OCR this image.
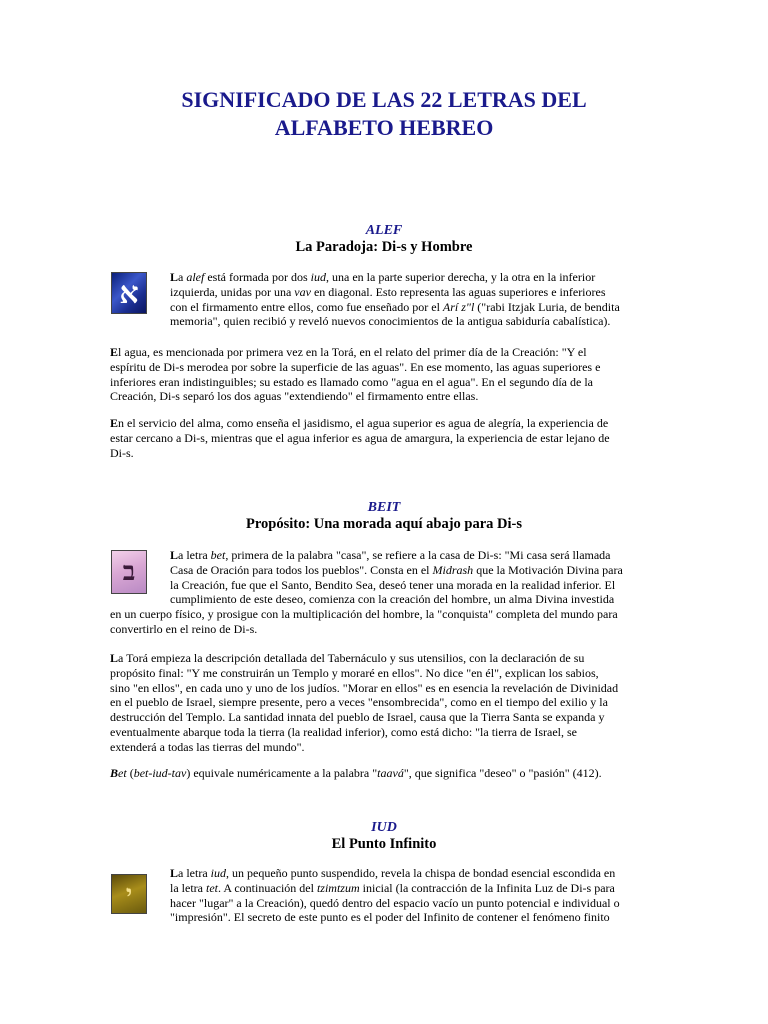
SIGNIFICADO DE LAS 22 LETRAS DEL
ALFABETO HEBREO
ALEF
La Paradoja: Di-s y Hombre
א	La alef está formada por dos iud, una en la parte superior derecha, y la otra en la inferior
izquierda, unidas por una vav en diagonal. Esto representa las aguas superiores e inferiores
con el firmamento entre ellos, como fue enseñado por el Arí z"l ("rabi Itzjak Luria, de bendita
memoria", quien recibió y reveló nuevos conocimientos de la antigua sabiduría cabalística).

El agua, es mencionada por primera vez en la Torá, en el relato del primer día de la Creación: "Y el
espíritu de Di-s merodea por sobre la superficie de las aguas". En ese momento, las aguas superiores e
inferiores eran indistinguibles; su estado es llamado como "agua en el agua". En el segundo día de la
Creación, Di-s separó los dos aguas "extendiendo" el firmamento entre ellas.

En el servicio del alma, como enseña el jasidismo, el agua superior es agua de alegría, la experiencia de
estar cercano a Di-s, mientras que el agua inferior es agua de amargura, la experiencia de estar lejano de
Di-s.

BEIT
Propósito: Una morada aquí abajo para Di-s
ב

La letra bet, primera de la palabra "casa", se refiere a la casa de Di-s: "Mi casa será llamada
Casa de Oración para todos los pueblos". Consta en el Midrash que la Motivación Divina para
la Creación, fue que el Santo, Bendito Sea, deseó tener una morada en la realidad inferior. El
cumplimiento de este deseo, comienza con la creación del hombre, un alma Divina investida
en un cuerpo físico, y prosigue con la multiplicación del hombre, la "conquista" completa del mundo para
convertirlo en el reino de Di-s.

La Torá empieza la descripción detallada del Tabernáculo y sus utensilios, con la declaración de su
propósito final: "Y me construirán un Templo y moraré en ellos". No dice "en él", explican los sabios,
sino "en ellos", en cada uno y uno de los judíos. "Morar en ellos" es en esencia la revelación de Divinidad
en el pueblo de Israel, siempre presente, pero a veces "ensombrecida", como en el tiempo del exilio y la
destrucción del Templo. La santidad innata del pueblo de Israel, causa que la Tierra Santa se expanda y
eventualmente abarque toda la tierra (la realidad inferior), como está dicho: "la tierra de Israel, se
extenderá a todas las tierras del mundo".

Bet (bet-iud-tav) equivale numéricamente a la palabra "taavá", que significa "deseo" o "pasión" (412).

IUD
El Punto Infinito
י

La letra iud, un pequeño punto suspendido, revela la chispa de bondad esencial escondida en
la letra tet. A continuación del tzimtzum inicial (la contracción de la Infinita Luz de Di-s para
hacer "lugar" a la Creación), quedó dentro del espacio vacío un punto potencial e individual o
"impresión". El secreto de este punto es el poder del Infinito de contener el fenómeno finito
